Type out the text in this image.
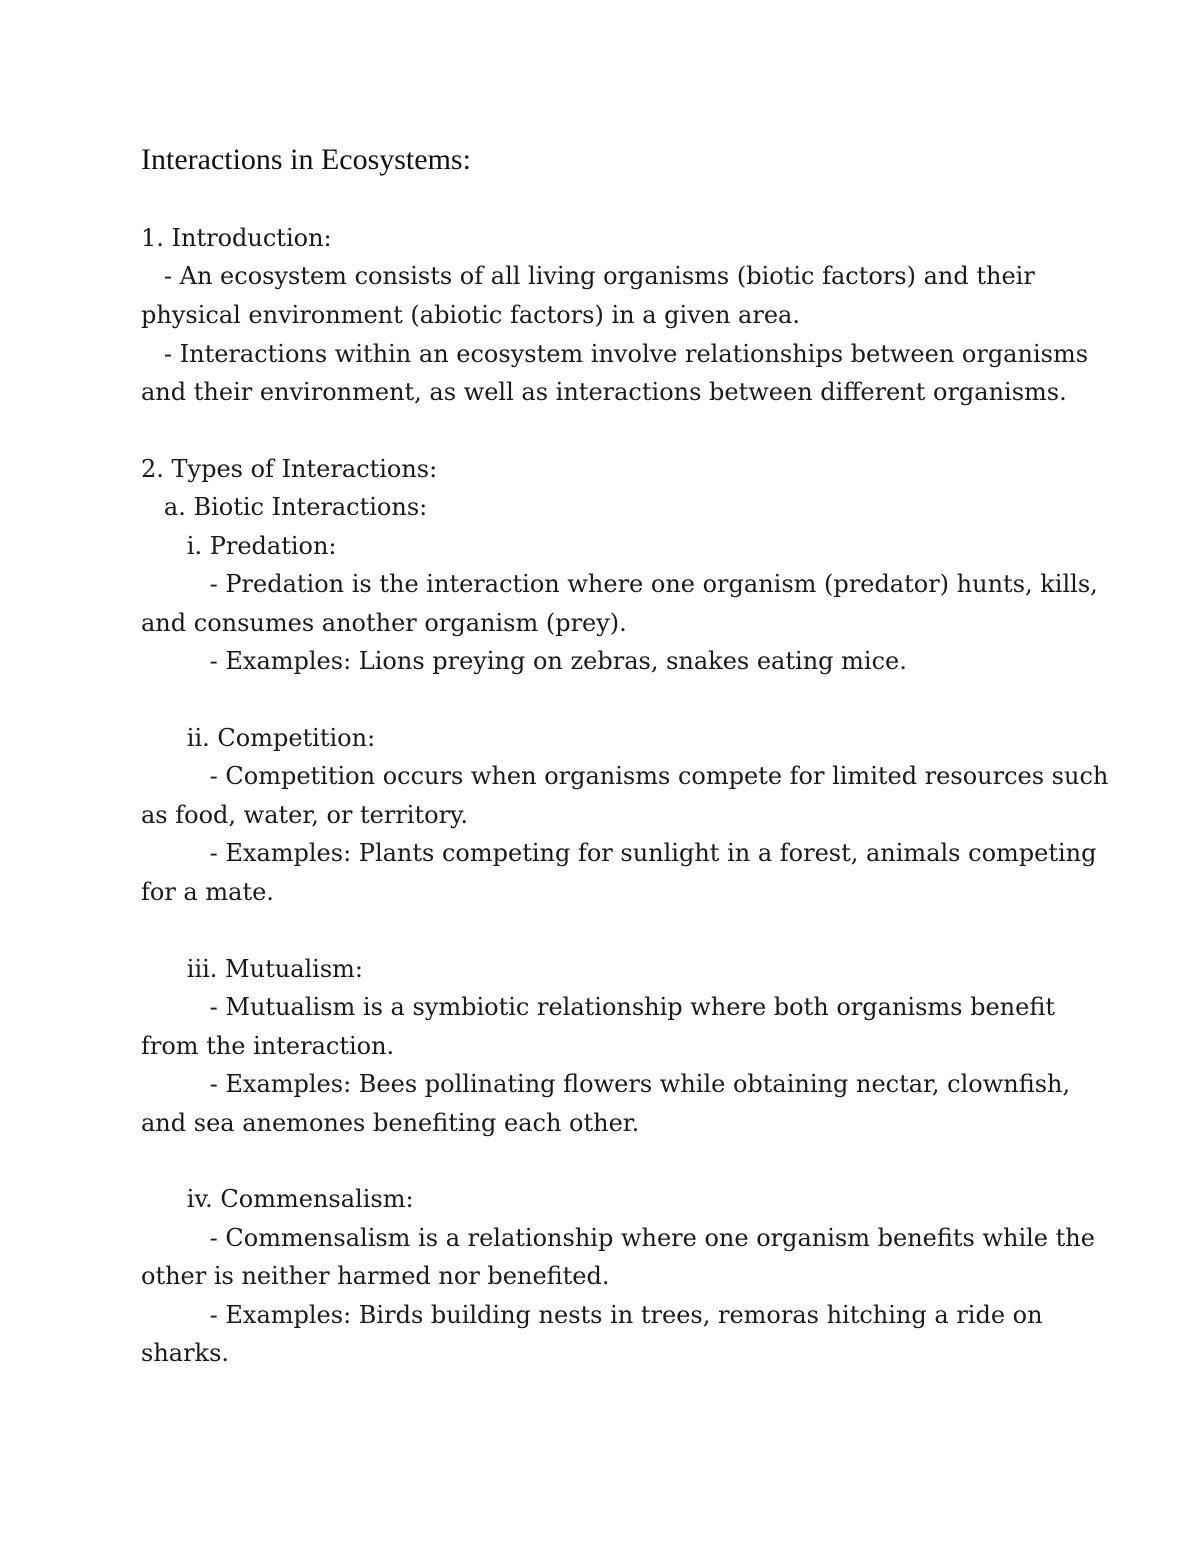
Interactions in Ecosystems:
1. Introduction:
- An ecosystem consists of all living organisms (biotic factors) and their
physical environment (abiotic factors) in a given area.
- Interactions within an ecosystem involve relationships between organisms
and their environment, as well as interactions between different organisms.
2. Types of Interactions:
a. Biotic Interactions:
i. Predation:
- Predation is the interaction where one organism (predator) hunts, kills,
and consumes another organism (prey).
- Examples: Lions preying on zebras, snakes eating mice.
ii. Competition:
- Competition occurs when organisms compete for limited resources such
as food, water, or territory.
- Examples: Plants competing for sunlight in a forest, animals competing
for a mate.
iii. Mutualism:
- Mutualism is a symbiotic relationship where both organisms benefit
from the interaction.
- Examples: Bees pollinating flowers while obtaining nectar, clownfish,
and sea anemones benefiting each other.
iv. Commensalism:
- Commensalism is a relationship where one organism benefits while the
other is neither harmed nor benefited.
- Examples: Birds building nests in trees, remoras hitching a ride on
sharks.
